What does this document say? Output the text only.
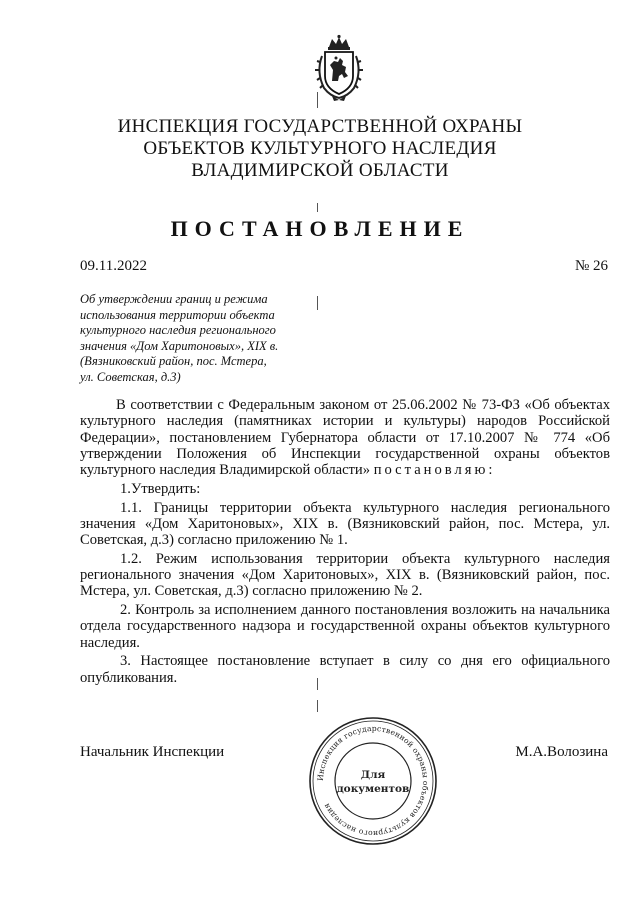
ИНСПЕКЦИЯ ГОСУДАРСТВЕННОЙ ОХРАНЫ
ОБЪЕКТОВ КУЛЬТУРНОГО НАСЛЕДИЯ
ВЛАДИМИРСКОЙ ОБЛАСТИ
ПОСТАНОВЛЕНИЕ
09.11.2022	№ 26
Об утверждении границ и режима
использования территории объекта
культурного наследия регионального
значения «Дом Харитоновых», XIX в.
(Вязниковский район, пос. Мстера,
ул. Советская, д.3)

В соответствии с Федеральным законом от 25.06.2002 № 73-ФЗ «Об объектах культурного наследия (памятниках истории и культуры) народов Российской Федерации», постановлением Губернатора области от 17.10.2007 № 774 «Об утверждении Положения об Инспекции государственной охраны объектов культурного наследия Владимирской области» постановляю:

1.Утвердить:

1.1. Границы территории объекта культурного наследия регионального значения «Дом Харитоновых», XIX в. (Вязниковский район, пос. Мстера, ул. Советская, д.3) согласно приложению № 1.

1.2. Режим использования территории объекта культурного наследия регионального значения «Дом Харитоновых», XIX в. (Вязниковский район, пос. Мстера, ул. Советская, д.3) согласно приложению № 2.

2. Контроль за исполнением данного постановления возложить на начальника отдела государственного надзора и государственной охраны объектов культурного наследия.

3. Настоящее постановление вступает в силу со дня его официального опубликования.

Начальник Инспекции	М.А.Волозина
Инспекция государственной охраны объектов культурного наследия
Для
документов
